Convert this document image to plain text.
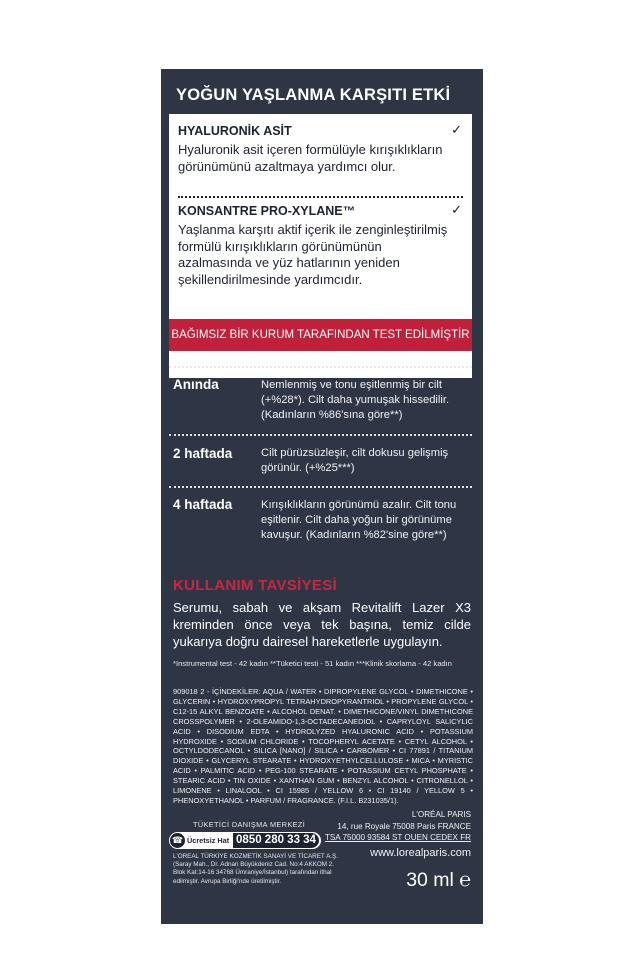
YOĞUN YAŞLANMA KARŞITI ETKİ
HYALURONİK ASİT	✓
Hyaluronik asit içeren formülüyle kırışıklıkların görünümünü azaltmaya yardımcı olur.
KONSANTRE PRO-XYLANE™	✓
Yaşlanma karşıtı aktif içerik ile zenginleştirilmiş formülü kırışıklıkların görünümünün azalmasında ve yüz hatlarının yeniden şekillendirilmesinde yardımcıdır.
BAĞIMSIZ BİR KURUM TARAFINDAN TEST EDİLMİŞTİR
Anında	Nemlenmiş ve tonu eşitlenmiş bir cilt (+%28*). Cilt daha yumuşak hissedilir. (Kadınların %86'sına göre**)
2 haftada	Cilt pürüzsüzleşir, cilt dokusu gelişmiş görünür. (+%25***)
4 haftada	Kırışıklıkların görünümü azalır. Cilt tonu eşitlenir. Cilt daha yoğun bir görünüme kavuşur. (Kadınların %82'sine göre**)
KULLANIM TAVSİYESİ
Serumu, sabah ve akşam Revitalift Lazer X3 kreminden önce veya tek başına, temiz cilde yukarıya doğru dairesel hareketlerle uygulayın.
*Instrumental test - 42 kadın **Tüketici testi - 51 kadın ***Klinik skorlama - 42 kadın
909018 2 - İÇİNDEKİLER: AQUA / WATER • DIPROPYLENE GLYCOL • DIMETHICONE • GLYCERIN • HYDROXYPROPYL TETRAHYDROPYRANTRIOL • PROPYLENE GLYCOL • C12-15 ALKYL BENZOATE • ALCOHOL DENAT. • DIMETHICONE/VINYL DIMETHICONE CROSSPOLYMER • 2-OLEAMIDO-1,3-OCTADECANEDIOL • CAPRYLOYL SALICYLIC ACID • DISODIUM EDTA • HYDROLYZED HYALURONIC ACID • POTASSIUM HYDROXIDE • SODIUM CHLORIDE • TOCOPHERYL ACETATE • CETYL ALCOHOL • OCTYLDODECANOL • SILICA [NANO] / SILICA • CARBOMER • CI 77891 / TITANIUM DIOXIDE • GLYCERYL STEARATE • HYDROXYETHYLCELLULOSE • MICA • MYRISTIC ACID • PALMITIC ACID • PEG-100 STEARATE • POTASSIUM CETYL PHOSPHATE • STEARIC ACID • TIN OXIDE • XANTHAN GUM • BENZYL ALCOHOL • CITRONELLOL • LIMONENE • LINALOOL • CI 15985 / YELLOW 6 • CI 19140 / YELLOW 5 • PHENOXYETHANOL • PARFUM / FRAGRANCE. (F.I.L. B231035/1).
TÜKETİCİ DANIŞMA MERKEZİ
☎ Ücretsiz Hat 0850 280 33 34
L'OREAL TÜRKİYE KOZMETİK SANAYİ VE TİCARET A.Ş.
(Saray Mah., Dr. Adnan Büyükdeniz Cad. No:4 AKKOM 2. Blok Kat:14-16 34768 Ümraniye/İstanbul) tarafından ithal edilmiştir. Avrupa Birliği'nde üretilmiştir.
L'ORÉAL PARIS
14, rue Royale 75008 Paris FRANCE
TSA 75000 93584 ST OUEN CEDEX FR
www.lorealparis.com
30 ml ℮
